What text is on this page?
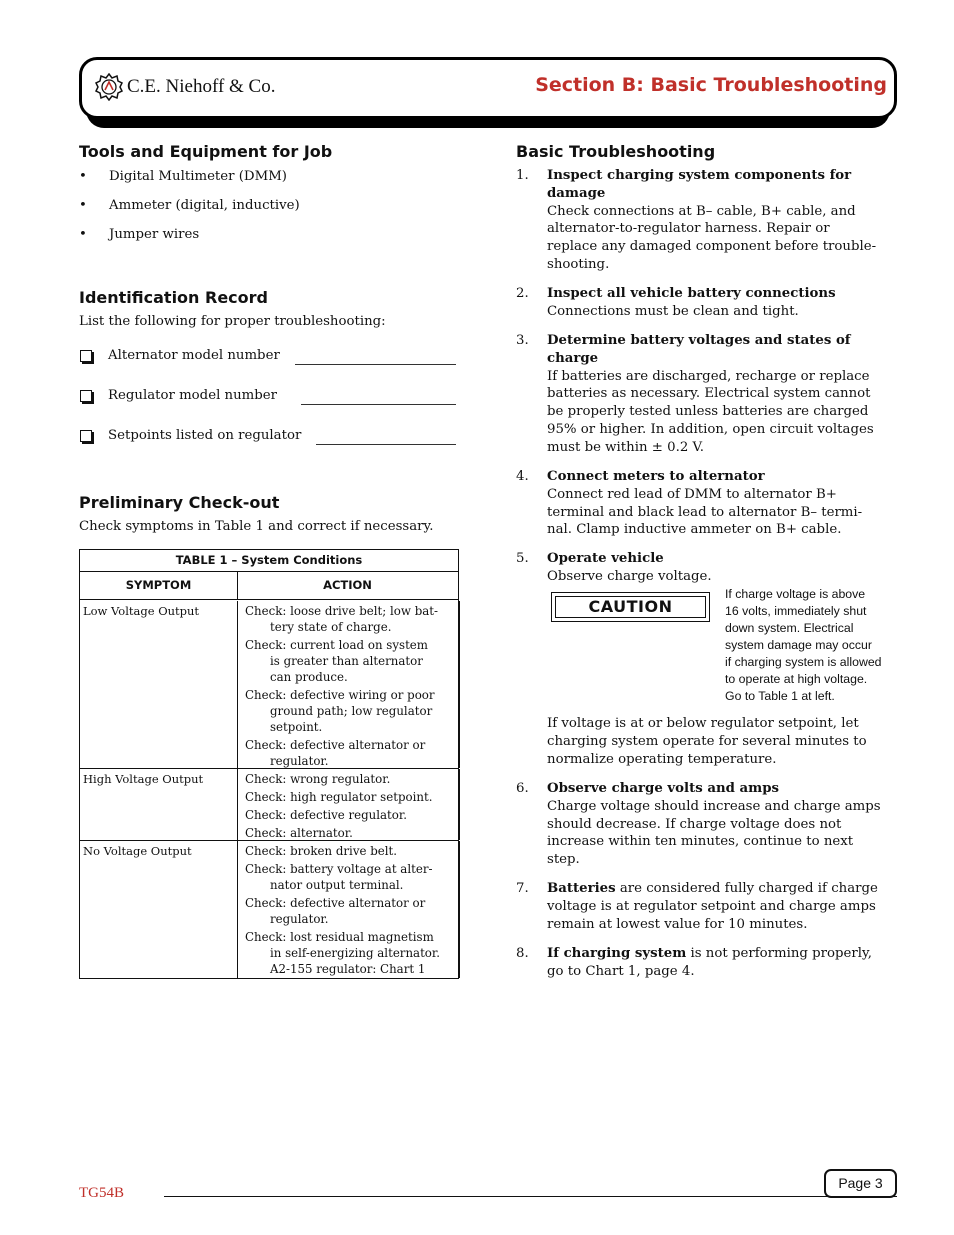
C.E. Niehoff & Co.	Section B: Basic Troubleshooting
Tools and Equipment for Job
• Digital Multimeter (DMM)
• Ammeter (digital, inductive)
• Jumper wires
Identification Record
List the following for proper troubleshooting:
Alternator model number
Regulator model number
Setpoints listed on regulator
Preliminary Check-out
Check symptoms in Table 1 and correct if necessary.
TABLE 1 – System Conditions
SYMPTOM	ACTION
Low Voltage Output	Check: loose drive belt; low bat-
tery state of charge.
Check: current load on system
is greater than alternator
can produce.
Check: defective wiring or poor
ground path; low regulator
setpoint.
Check: defective alternator or
regulator.
High Voltage Output	Check: wrong regulator.
Check: high regulator setpoint.
Check: defective regulator.
Check: alternator.
No Voltage Output	Check: broken drive belt.
Check: battery voltage at alter-
nator output terminal.
Check: defective alternator or
regulator.
Check: lost residual magnetism
in self-energizing alternator.
A2-155 regulator: Chart 1
Basic Troubleshooting
1. Inspect charging system components for
damage
Check connections at B– cable, B+ cable, and
alternator-to-regulator harness. Repair or
replace any damaged component before trouble-
shooting.
2. Inspect all vehicle battery connections
Connections must be clean and tight.
3. Determine battery voltages and states of
charge
If batteries are discharged, recharge or replace
batteries as necessary. Electrical system cannot
be properly tested unless batteries are charged
95% or higher. In addition, open circuit voltages
must be within ± 0.2 V.
4. Connect meters to alternator
Connect red lead of DMM to alternator B+
terminal and black lead to alternator B– termi-
nal. Clamp inductive ammeter on B+ cable.
5. Operate vehicle
Observe charge voltage.
CAUTION
If charge voltage is above
16 volts, immediately shut
down system. Electrical
system damage may occur
if charging system is allowed
to operate at high voltage.
Go to Table 1 at left.
If voltage is at or below regulator setpoint, let
charging system operate for several minutes to
normalize operating temperature.
6. Observe charge volts and amps
Charge voltage should increase and charge amps
should decrease. If charge voltage does not
increase within ten minutes, continue to next
step.
7. Batteries are considered fully charged if charge
voltage is at regulator setpoint and charge amps
remain at lowest value for 10 minutes.
8. If charging system is not performing properly,
go to Chart 1, page 4.
TG54B
Page 3
